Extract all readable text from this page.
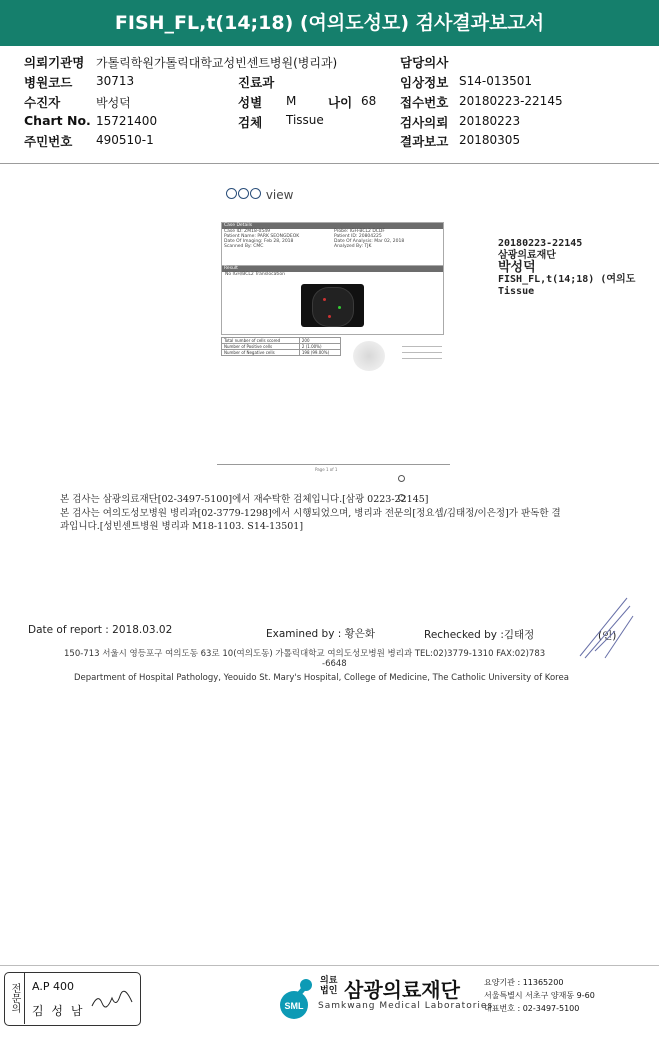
FISH_FL,t(14;18) (여의도성모) 검사결과보고서
의뢰기관명 가톨릭학원가톨릭대학교성빈센트병원(병리과)	담당의사
병원코드 30713	진료과	임상정보 S14-013501
수진자	박성덕	성별 M	나이 68 접수번호 20180223-22145
Chart No. 15721400	검체 Tissue	검사의뢰 20180223
주민번호 490510-1	결과보고 20180305
view
Case Details
Case ID: ZM18-0549
Patient Name: PARK SEONGDEOK
Date Of Imaging: Feb 28, 2018
Scanned By: CMC
Probe: IGH-BCL2 DCDF
Patient ID: 20804225
Date Of Analysis: Mar 02, 2018
Analyzed By: TJK
Result
No IGH/BCL2 Translocation
Total number of cells scored	200
Number of Positive cells	2 (1.00%)
Number of Negative cells	198 (99.00%)
Page 1 of 1
20180223-22145
삼광의료재단
박성덕
FISH_FL,t(14;18) (여의도
Tissue
본 검사는 삼광의료재단[02-3497-5100]에서 재수탁한 검체입니다.[삼광 0223-22145]
본 검사는 여의도성모병원 병리과[02-3779-1298]에서 시행되었으며, 병리과 전문의[정요셉/김태정/이은정]가 판독한 결
과입니다.[성빈센트병원 병리과 M18-1103. S14-13501]
Date of report : 2018.03.02	Examined by : 황은화	Rechecked by :김태정	(인)
150-713 서울시 영등포구 여의도동 63로 10(여의도동) 가톨릭대학교 여의도성모병원 병리과 TEL:02)3779-1310 FAX:02)783
-6648
Department of Hospital Pathology, Yeouido St. Mary's Hospital, College of Medicine, The Catholic University of Korea
전문의	A.P 400
김 성 남	SML
의료
법인 삼광의료재단
Samkwang Medical Laboratories
요양기관 : 11365200
서울특별시 서초구 양재동 9-60
대표번호 : 02-3497-5100
